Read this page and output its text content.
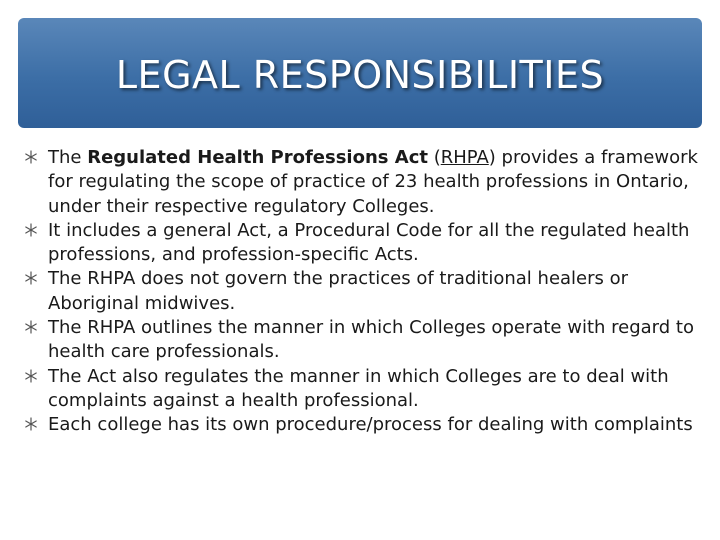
LEGAL RESPONSIBILITIES
The Regulated Health Professions Act (RHPA) provides a framework for regulating the scope of practice of 23 health professions in Ontario, under their respective regulatory Colleges.
It includes a general Act, a Procedural Code for all the regulated health professions, and profession-specific Acts.
The RHPA does not govern the practices of traditional healers or Aboriginal midwives.
The RHPA outlines the manner in which Colleges operate with regard to health care professionals.
The Act also regulates the manner in which Colleges are to deal with complaints against a health professional.
Each college has its own procedure/process for dealing with complaints
